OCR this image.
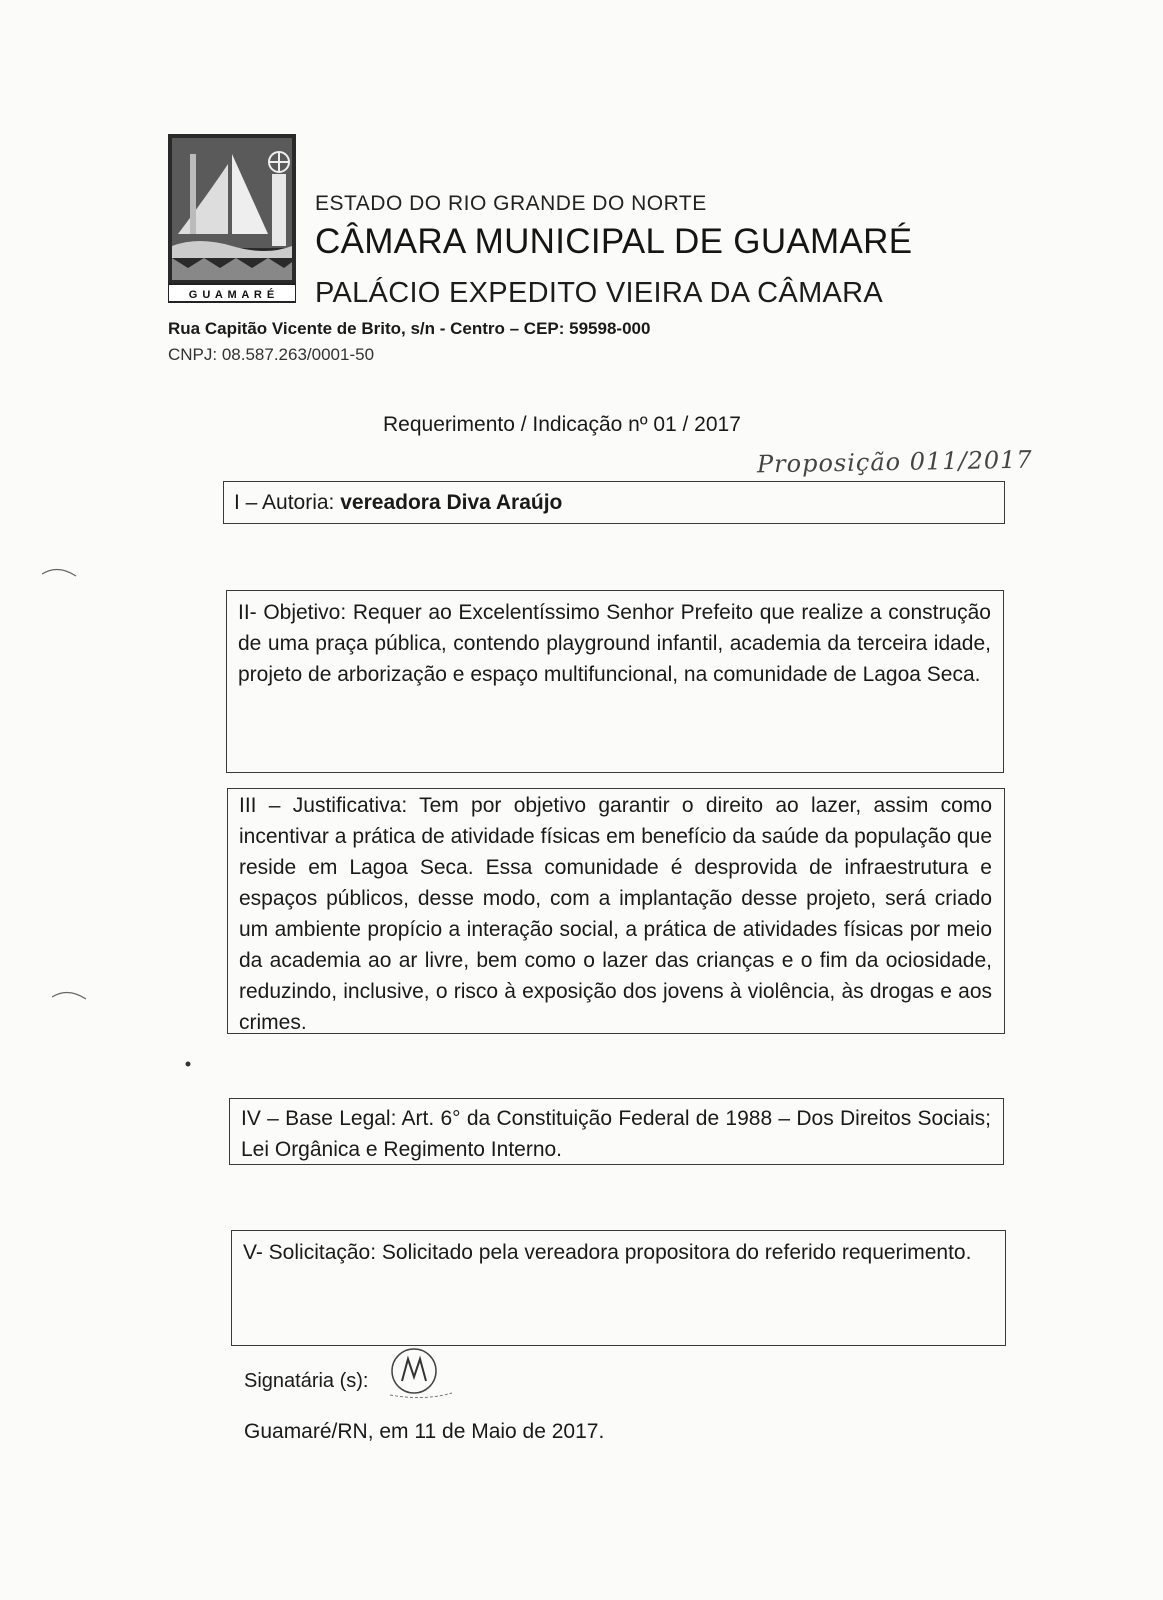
G U A M A R É
ESTADO DO RIO GRANDE DO NORTE
CÂMARA MUNICIPAL DE GUAMARÉ
PALÁCIO EXPEDITO VIEIRA DA CÂMARA
Rua Capitão Vicente de Brito, s/n - Centro – CEP: 59598-000
CNPJ: 08.587.263/0001-50
Requerimento / Indicação nº 01 / 2017
Proposição 011/2017
I – Autoria: vereadora Diva Araújo
II- Objetivo: Requer ao Excelentíssimo Senhor Prefeito que realize a construção de uma praça pública, contendo playground infantil, academia da terceira idade, projeto de arborização e espaço multifuncional, na comunidade de Lagoa Seca.
III – Justificativa: Tem por objetivo garantir o direito ao lazer, assim como incentivar a prática de atividade físicas em benefício da saúde da população que reside em Lagoa Seca. Essa comunidade é desprovida de infraestrutura e espaços públicos, desse modo, com a implantação desse projeto, será criado um ambiente propício a interação social, a prática de atividades físicas por meio da academia ao ar livre, bem como o lazer das crianças e o fim da ociosidade, reduzindo, inclusive, o risco à exposição dos jovens à violência, às drogas e aos crimes.
IV – Base Legal: Art. 6° da Constituição Federal de 1988 – Dos Direitos Sociais; Lei Orgânica e Regimento Interno.
V- Solicitação: Solicitado pela vereadora propositora do referido requerimento.
Signatária (s):
Guamaré/RN, em 11 de Maio de 2017.
